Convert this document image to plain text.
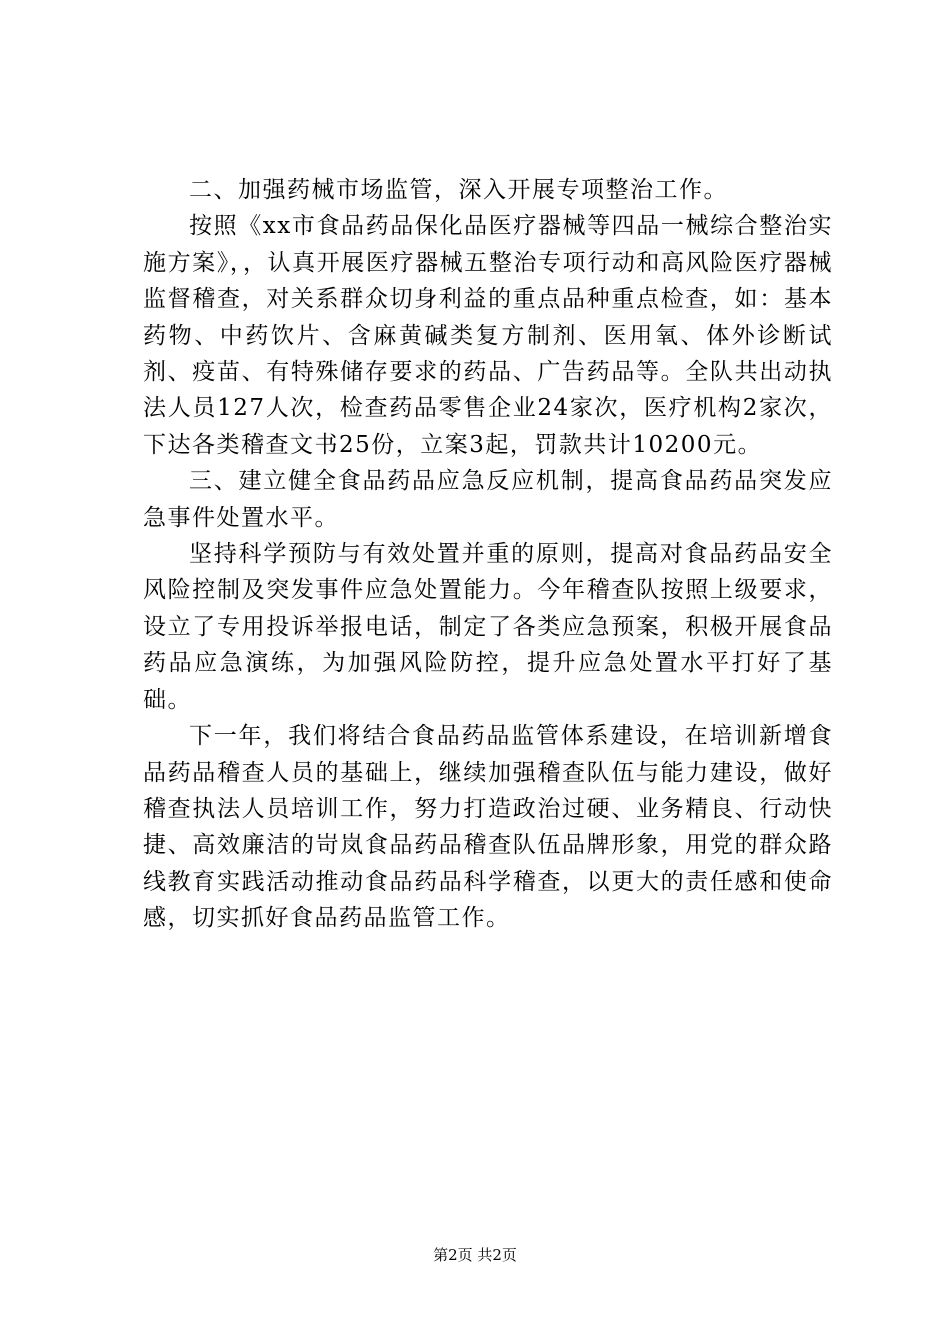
二、加强药械市场监管，深入开展专项整治工作。

按照《xx市食品药品保化品医疗器械等四品一械综合整治实施方案》，，认真开展医疗器械五整治专项行动和高风险医疗器械监督稽查，对关系群众切身利益的重点品种重点检查，如：基本药物、中药饮片、含麻黄碱类复方制剂、医用氧、体外诊断试剂、疫苗、有特殊储存要求的药品、广告药品等。全队共出动执法人员127人次，检查药品零售企业24家次，医疗机构2家次，下达各类稽查文书25份，立案3起，罚款共计10200元。

三、建立健全食品药品应急反应机制，提高食品药品突发应急事件处置水平。

坚持科学预防与有效处置并重的原则，提高对食品药品安全风险控制及突发事件应急处置能力。今年稽查队按照上级要求，设立了专用投诉举报电话，制定了各类应急预案，积极开展食品药品应急演练，为加强风险防控，提升应急处置水平打好了基础。

下一年，我们将结合食品药品监管体系建设，在培训新增食品药品稽查人员的基础上，继续加强稽查队伍与能力建设，做好稽查执法人员培训工作，努力打造政治过硬、业务精良、行动快捷、高效廉洁的岢岚食品药品稽查队伍品牌形象，用党的群众路线教育实践活动推动食品药品科学稽查，以更大的责任感和使命感，切实抓好食品药品监管工作。

第2页 共2页
